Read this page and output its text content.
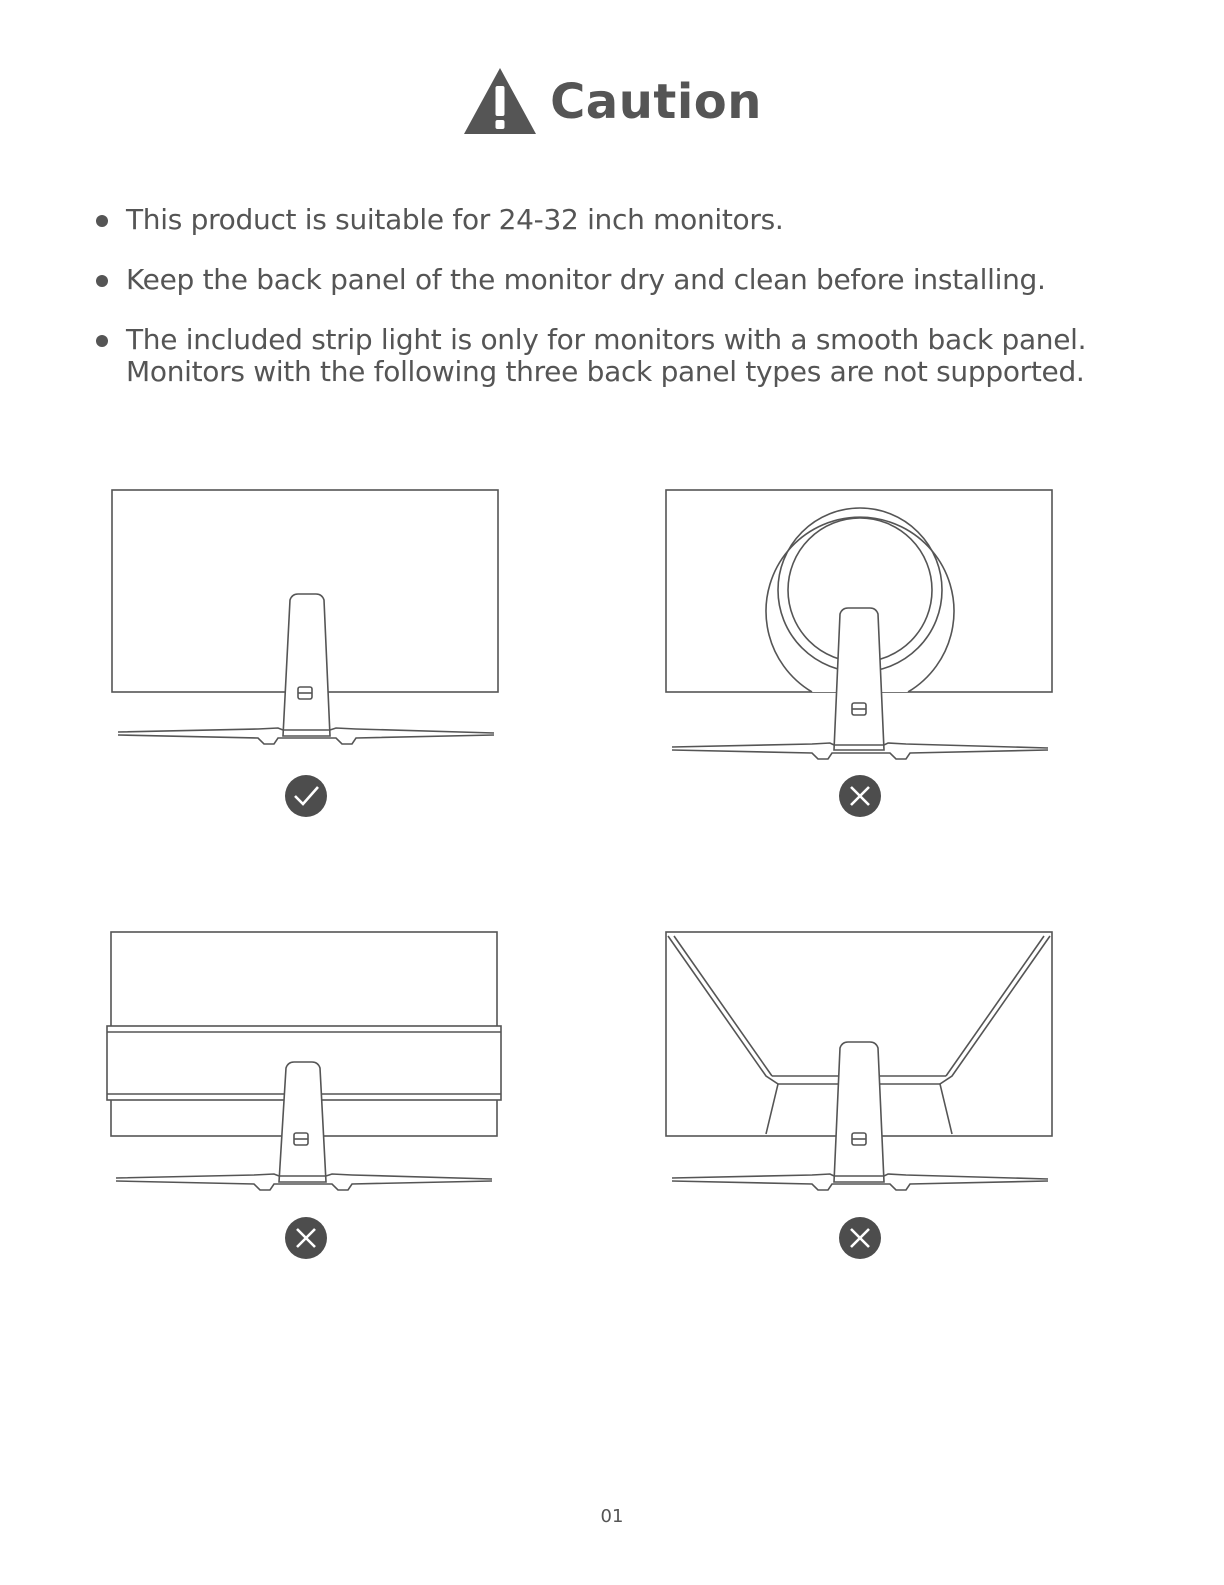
Caution
This product is suitable for 24-32 inch monitors.
Keep the back panel of the monitor dry and clean before installing.
The included strip light is only for monitors with a smooth back panel.
Monitors with the following three back panel types are not supported.
01
